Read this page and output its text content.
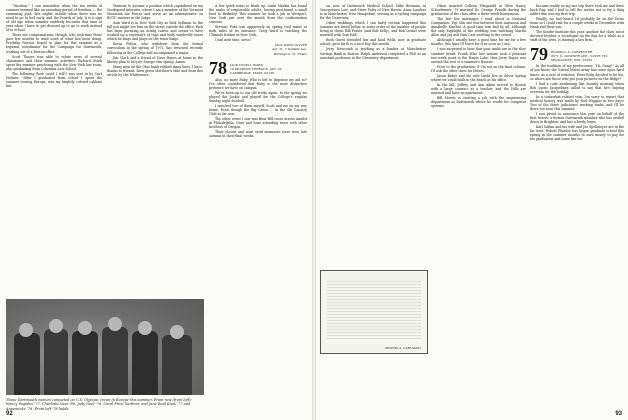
"Vacation." I can remember when the ten weeks of summer seemed like an unending period of freedom — the swimming pool, late nights outside when there was no need to go to bed early, and the Fourth of July. It is a sign of old age when summer suddenly becomes that time of year when I have to get dressed up to go to work instead of to school.

There are compensations, though, who took time these past few months to send word of what has been doing. Fredrika Pierson hoped to plan for this summer as a regional coordinator for the Campaign for Dartmouth, working out of a Boston office.

Scott Thayer was able to relate news of several classmates and their summer activities. Richard Stark spent the summer practicing with the New York law team, also graduating from Columbia Law School.

The following (how could I tell?) was sent in by Curt Holmes: "After I graduated from school I spent the summer touring Europe, was my brightly colored cabbaie hut.

Vermont to assume a position which capitalized on my Goodspeed interests, where I am a member of the Vermont Mountain Air Forces and serve as an administrator on ROTC matters in the lodge.

Sam Ward is in New York City as Rick Sellman. In the fall you might see him on the street outside the office. Rick has been pursuing an acting career and seems to have worked up a repertoire of rags and truly vaudeville tunes which he sings and plays on the tenor banjo.

Kevin Felton, who withdrew from the formal curriculum in the spring of 1971, has returned recently following at the College and accompanied a major.

Jim Clark and a friend of Dave Hayes at home in the library plan to bicycle Europe this spring. Amen.

Many men on the Ohio bank rubbed many lines. I have, thanks to friends, been given Matthew's Mile and from this article by the Whittemore.

A few quick notes to finish up: Linda Markin has found the ranks of responsible adults, having purchased a small boat to Berkeley. This summer he took a job in Westport, New York just over the month from the confrontation cruisers.

Stewart Pons was apparently on spring roof trains at both sides of its entrance. Greg Ward is teaching the Ultimate frisbee in New York.

Until next time, news!

JACK DAVID OLIVER
Apt. 31, 7 Summit Ave.
Burlington, Vt. 05401

78 JACK INGELL WARD
10 PEABODY TERRACE, APT. 22
CAMBRIDGE, MASS. 02138

Also, no more Ruby. Who is left to dispense my aid so? I've often considered that Ruby is the most distinctive presence we have on campus.

We've been up to our old tricks again: In the spring we played the Jackie and played for the College's regular Sunday night football.

I watched two of them myself, Scott and me on my way home. Even though the Big Green ... in the Ski Country Club so far won.

The other event I saw was Bear Hill races across Amidst in Philadelphia, Dave and Sons attending twice with other brothers of Oregon.

Their closest and most vivid memories were seen late autumn in their final weeks.

These Dartmouth women competed on U.S. Olympic crews in Europe this summer. From row (from left): Nancy Vagedes '77, Charlotte Geer '80, Judy Geer '76, Carol Price Gardner, and Jane Reid Knox '77 and Annemieke '78. From left '78 holds.
92

on, now at Dartmouth Medical School; Mike Brennan, at Georgetown Law; and Steve Paley of New Haven. Anne Landers is in Manchester, New Hampshire, serving as a cycling campaign for the University.

Other weddings which I can fairly certain happened this summer are listed below, in some order of the number of people living in them: Bill Fraser (and Rob Kelly), and Rob Leskel were married with Tom Hall.

Ruth Guest attended law and Kaid Wells, now in graduate school, gave birth to a nice boy this month.

Jerry Newcomb is working as a banker at Manchester Savings Bank in Boston. Ralph Anderson completed a PhD as an assistant professor at the Chemistry department.

DENNIS A. CARLSSON

Olson married Colleen Fitzgerald in Olive Nancy Schoettemer '79 married Dr. George Prindle during the graduation of the class after a three-week honeymoon.

The last few marriages I read about in National Companion. Yep, this one was between Kent Aaronson and Annabelle Kinchel. A good time was had by all, although the only highlight of the wedding was watching Martin Allen and Jay and Pam Carr swirling in the crowd.

Although I usually have a good time for me for a few months, this time I'll leave for it as soon as I can.

I was surprised to hear that your ranks are in the slow summer break. Frank Wise last minute took a pleasant two-week jaunt to the Hayes Lake, then Jerry Hayes was around the rest of a summer's Bourne.

Prior to the graduation, if I'm not on the final column, I'll ask the other class for letters.

Jason Baker and his wife Linda live in Silver Spring where we could walk to the beach at his office.

In the fall, Jeffrey and Ann Aiken moved to Boston with a large contract as a teacher, and the Hills are married and have an apartment.

Bill Morris is starting a job with the engineering department at Dartmouth where he works for computer systems.

became reality as my one trip there took me and drew back Ray, and I had to tell the waiter not to fry a ding addict this was my first trip.

Finally, we had heard I'd probably be on the Swiss team so I could visit for a couple weeks in December with Hank and their son.

The Kinder Institute this year: another the class' most devoted brother, a sociologist on the Bay for a while as a staff of the Ivies, is starting a law firm.

79 RUSSELL A. CARPENTER
2571 N. DOWNER AVE., SUITE 725
MILWAUKEE, WIS. 53202

In the tradition of my predecessor, "Hi, Gang!" As all of you know, the United States Army has come upon hard times. As a case of remorse, Peter Roby decided to be his, so where are those who put your pictures on the fridge?

I had a rude awakening last Sunday morning when Bob Lyons Jacquelines called to say that he's staying overseas for the holiday.

In a somewhat related vein, I'm sorry to report that medical history was made by Ned Wiggins in two days! Two of the three Judiciaries working ranks, and I'll be there too soon this summer.

I was proud to announce this year on behalf of the first letters, a former Dartmouth member who has settled down in Brighton, and has a lovely home.

Karl Saftan and his wife and Joe Spellmeyer are in the far west. Robert Plumley has begun graduate school this spring in the summer months to earn money to pay for his graduation and some fun too.

93
